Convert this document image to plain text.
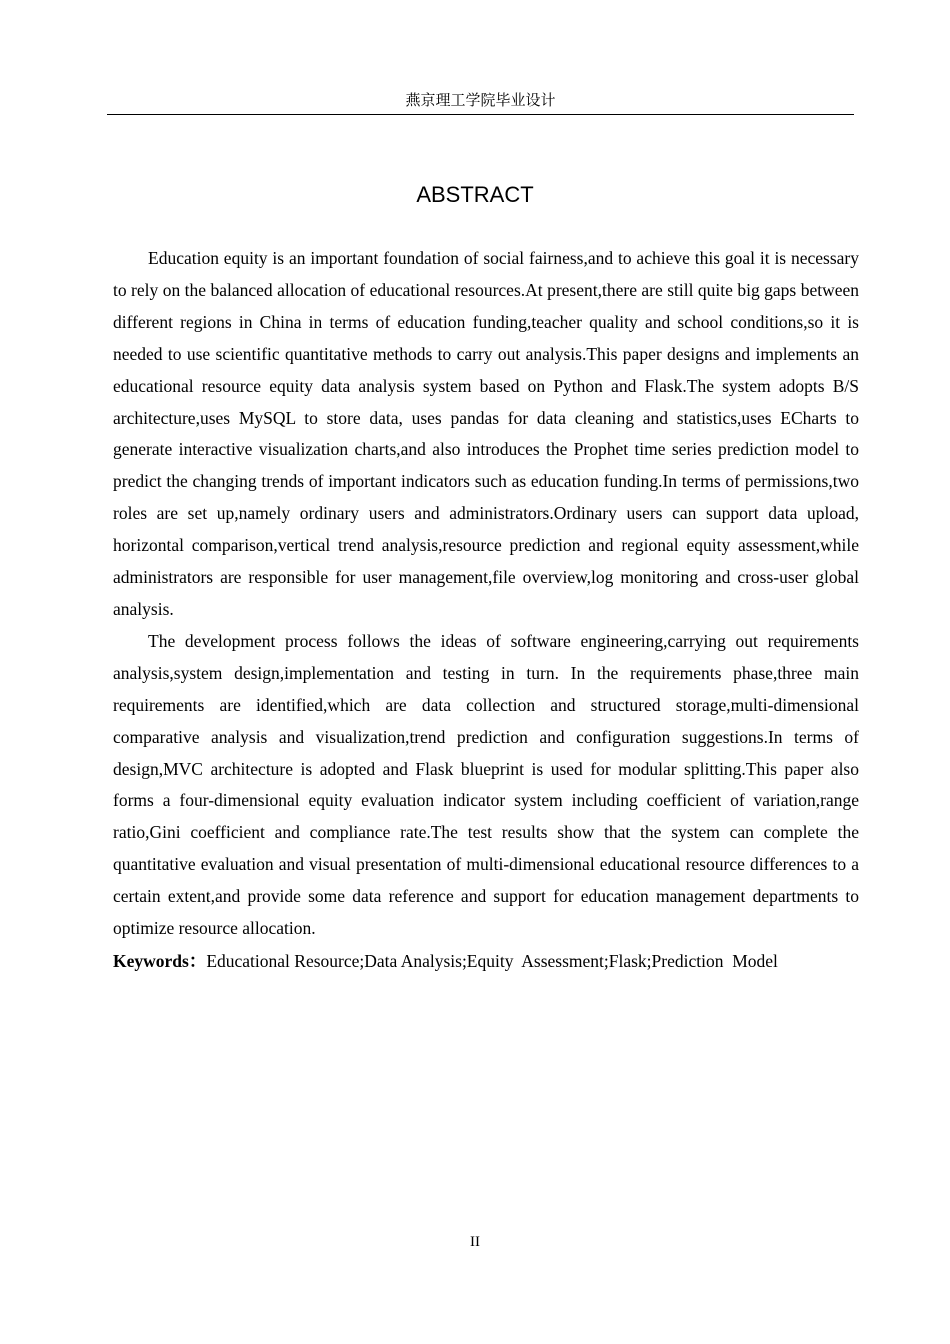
燕京理工学院毕业设计
ABSTRACT

Education equity is an important foundation of social fairness,and to achieve this goal it is necessary to rely on the balanced allocation of educational resources.At present,there are still quite big gaps between different regions in China in terms of education funding,teacher quality and school conditions,so it is needed to use scientific quantitative methods to carry out analysis.This paper designs and implements an educational resource equity data analysis system based on Python and Flask.The system adopts B/S architecture,uses MySQL to store data, uses pandas for data cleaning and statistics,uses ECharts to generate interactive visualization charts,and also introduces the Prophet time series prediction model to predict the changing trends of important indicators such as education funding.In terms of permissions,two roles are set up,namely ordinary users and administrators.Ordinary users can support data upload, horizontal comparison,vertical trend analysis,resource prediction and regional equity assessment,while administrators are responsible for user management,file overview,log monitoring and cross-user global analysis.

The development process follows the ideas of software engineering,carrying out requirements analysis,system design,implementation and testing in turn. In the requirements phase,three main requirements are identified,which are data collection and structured storage,multi-dimensional comparative analysis and visualization,trend prediction and configuration suggestions.In terms of design,MVC architecture is adopted and Flask blueprint is used for modular splitting.This paper also forms a four-dimensional equity evaluation indicator system including coefficient of variation,range ratio,Gini coefficient and compliance rate.The test results show that the system can complete the quantitative evaluation and visual presentation of multi-dimensional educational resource differences to a certain extent,and provide some data reference and support for education management departments to optimize resource allocation.

Keywords：Educational Resource;Data Analysis;Equity  Assessment;Flask;Prediction  Model

II
